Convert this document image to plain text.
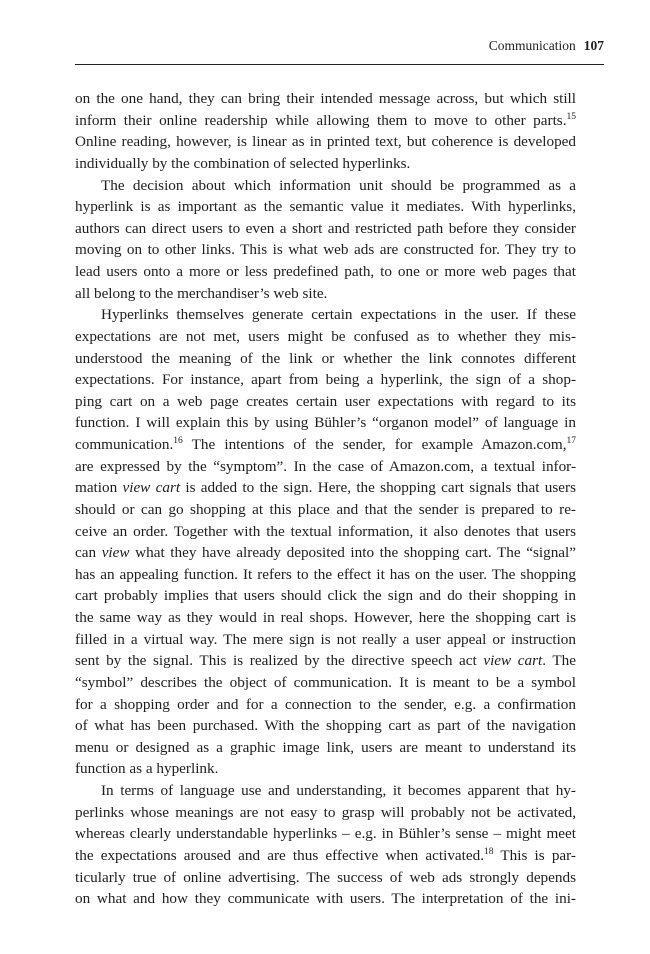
Communication 107
on the one hand, they can bring their intended message across, but which still
inform their online readership while allowing them to move to other parts.$^{15}$
Online reading, however, is linear as in printed text, but coherence is developed
individually by the combination of selected hyperlinks.
The decision about which information unit should be programmed as a
hyperlink is as important as the semantic value it mediates. With hyperlinks,
authors can direct users to even a short and restricted path before they consider
moving on to other links. This is what web ads are constructed for. They try to
lead users onto a more or less predefined path, to one or more web pages that
all belong to the merchandiser’s web site.
Hyperlinks themselves generate certain expectations in the user. If these
expectations are not met, users might be confused as to whether they mis-
understood the meaning of the link or whether the link connotes different
expectations. For instance, apart from being a hyperlink, the sign of a shop-
ping cart on a web page creates certain user expectations with regard to its
function. I will explain this by using Bühler’s “organon model” of language in
communication.$^{16}$ The intentions of the sender, for example Amazon.com,$^{17}$
are expressed by the “symptom”. In the case of Amazon.com, a textual infor-
mation view cart is added to the sign. Here, the shopping cart signals that users
should or can go shopping at this place and that the sender is prepared to re-
ceive an order. Together with the textual information, it also denotes that users
can view what they have already deposited into the shopping cart. The “signal”
has an appealing function. It refers to the effect it has on the user. The shopping
cart probably implies that users should click the sign and do their shopping in
the same way as they would in real shops. However, here the shopping cart is
filled in a virtual way. The mere sign is not really a user appeal or instruction
sent by the signal. This is realized by the directive speech act view cart. The
“symbol” describes the object of communication. It is meant to be a symbol
for a shopping order and for a connection to the sender, e.g. a confirmation
of what has been purchased. With the shopping cart as part of the navigation
menu or designed as a graphic image link, users are meant to understand its
function as a hyperlink.
In terms of language use and understanding, it becomes apparent that hy-
perlinks whose meanings are not easy to grasp will probably not be activated,
whereas clearly understandable hyperlinks – e.g. in Bühler’s sense – might meet
the expectations aroused and are thus effective when activated.$^{18}$ This is par-
ticularly true of online advertising. The success of web ads strongly depends
on what and how they communicate with users. The interpretation of the ini-
